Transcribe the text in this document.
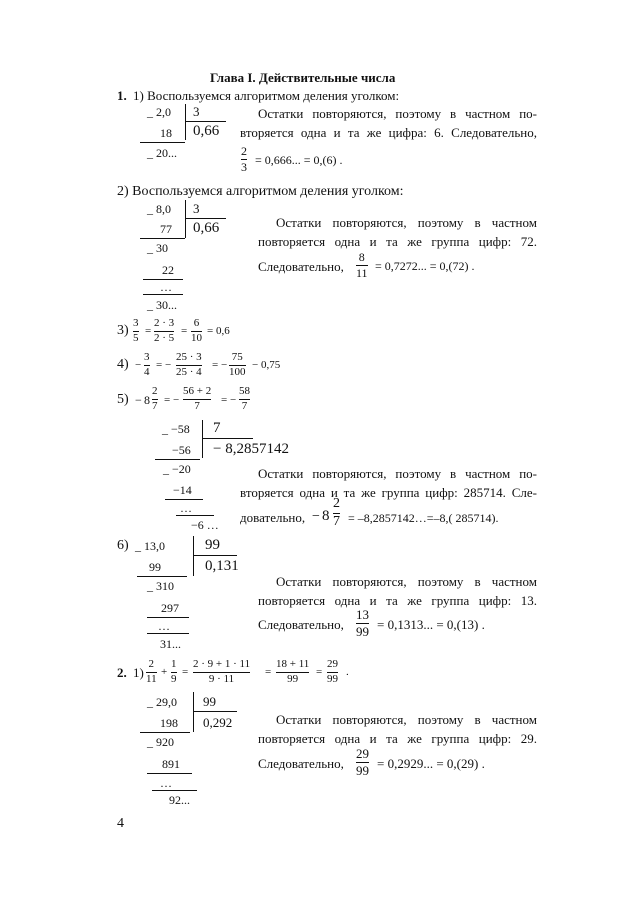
Глава I. Действительные числа
1. 1) Воспользуемся алгоритмом деления уголком:
_ 2,0 3
18 0,66
_ 20...
Остатки повторяются, поэтому в частном по-
вторяется одна и та же цифра: 6. Следовательно,
2
3 = 0,666... = 0,(6) .
2) Воспользуемся алгоритмом деления уголком:
_ 8,0 3
77 0,66
_ 30
22
…
_ 30...
Остатки повторяются, поэтому в частном
повторяется одна и та же группа цифр: 72.
Следовательно,
8
11 = 0,7272... = 0,(72) .
3) 3
5
=
2 · 3
2 · 5
=
6
10
= 0,6
4) −
3
4
= −
25 · 3
25 · 4
= −
75
100
− 0,75
5) − 8
2
7 = −
56 + 2
7 = −
58
7
_ −58 7
−56 − 8,2857142
_ −20
−14
…
−6 …
Остатки повторяются, поэтому в частном по-
вторяется одна и та же группа цифр: 285714. Сле-
довательно, − 8
2
7 = –8,2857142…=–8,( 285714).
6) _ 13,0	99
99	0,131
_ 310
297
…
31...
Остатки повторяются, поэтому в частном
повторяется одна и та же группа цифр: 13.
Следовательно,
13
99 = 0,1313... = 0,(13) .
2. 1)
2
11
+
1
9
=
2 · 9 + 1 · 11
9 · 11
=
18 + 11
99
=
29
99
.
_ 29,0 99
198 0,292
_ 920
891
…
92...
Остатки повторяются, поэтому в частном
повторяется одна и та же группа цифр: 29.
Следовательно,
29
99 = 0,2929... = 0,(29) .
4
